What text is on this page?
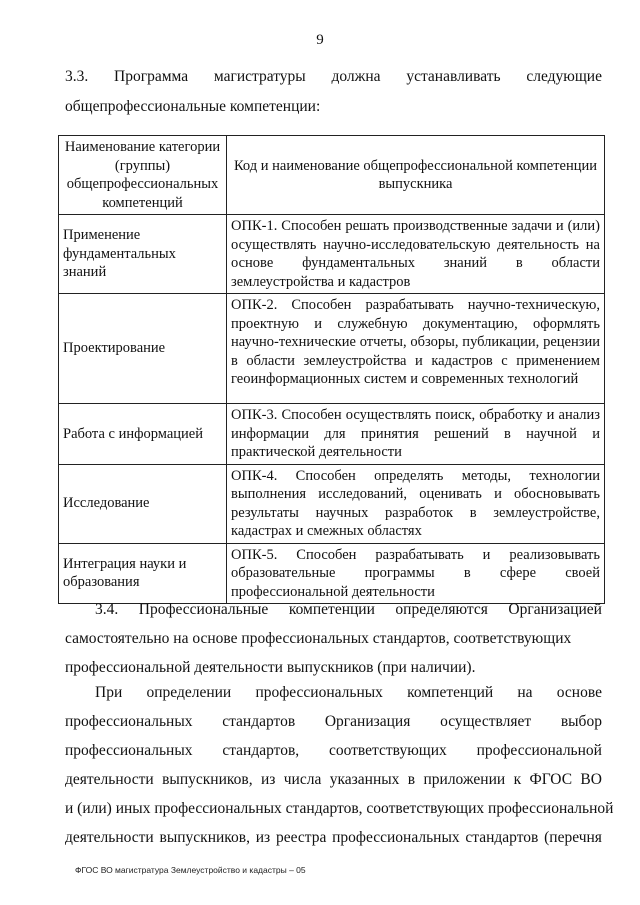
9
3.3. Программа магистратуры должна устанавливать следующие
общепрофессиональные компетенции:
Наименование категории (группы) общепрофессиональных компетенций	Код и наименование общепрофессиональной компетенции выпускника
Применение фундаментальных знаний	ОПК-1. Способен решать производственные задачи и (или) осуществлять научно-исследовательскую деятельность на основе фундаментальных знаний в области землеустройства и кадастров
Проектирование	ОПК-2. Способен разрабатывать научно-техническую, проектную и служебную документацию, оформлять научно-технические отчеты, обзоры, публикации, рецензии в области землеустройства и кадастров с применением геоинформационных систем и современных технологий
Работа с информацией	ОПК-3. Способен осуществлять поиск, обработку и анализ информации для принятия решений в научной и практической деятельности
Исследование	ОПК-4. Способен определять методы, технологии выполнения исследований, оценивать и обосновывать результаты научных разработок в землеустройстве, кадастрах и смежных областях
Интеграция науки и образования	ОПК-5. Способен разрабатывать и реализовывать образовательные программы в сфере своей профессиональной деятельности
3.4. Профессиональные компетенции определяются Организацией
самостоятельно на основе профессиональных стандартов, соответствующих
профессиональной деятельности выпускников (при наличии).
При определении профессиональных компетенций на основе
профессиональных стандартов Организация осуществляет выбор
профессиональных стандартов, соответствующих профессиональной
деятельности выпускников, из числа указанных в приложении к ФГОС ВО
и (или) иных профессиональных стандартов, соответствующих профессиональной
деятельности выпускников, из реестра профессиональных стандартов (перечня
ФГОС ВО магистратура Землеустройство и кадастры – 05
